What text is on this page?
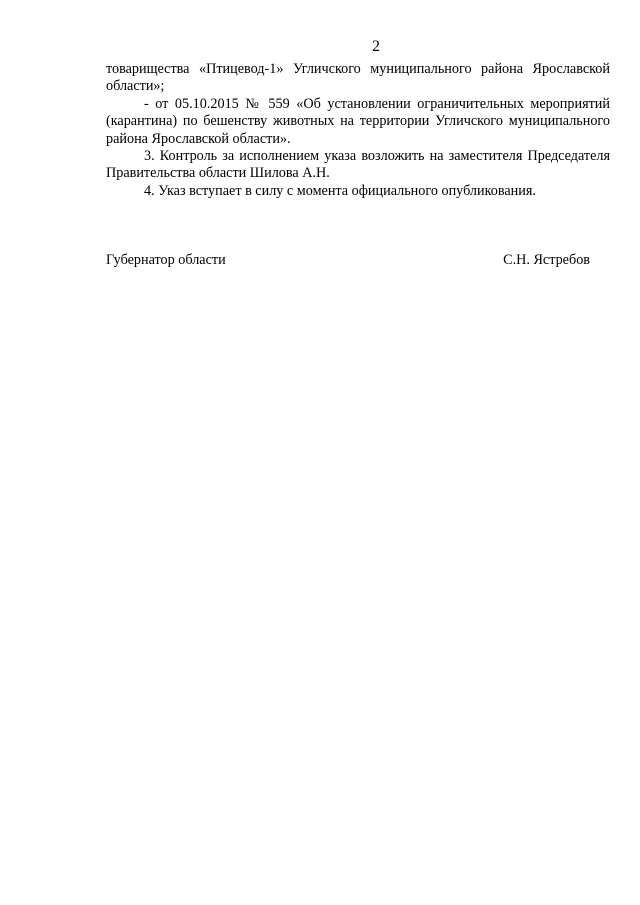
2

товарищества «Птицевод-1» Угличского муниципального района Ярославской области»;

- от 05.10.2015 № 559 «Об установлении ограничительных мероприятий (карантина) по бешенству животных на территории Угличского муниципального района Ярославской области».

3. Контроль за исполнением указа возложить на заместителя Председателя Правительства области Шилова А.Н.

4. Указ вступает в силу с момента официального опубликования.

Губернатор области	С.Н. Ястребов
